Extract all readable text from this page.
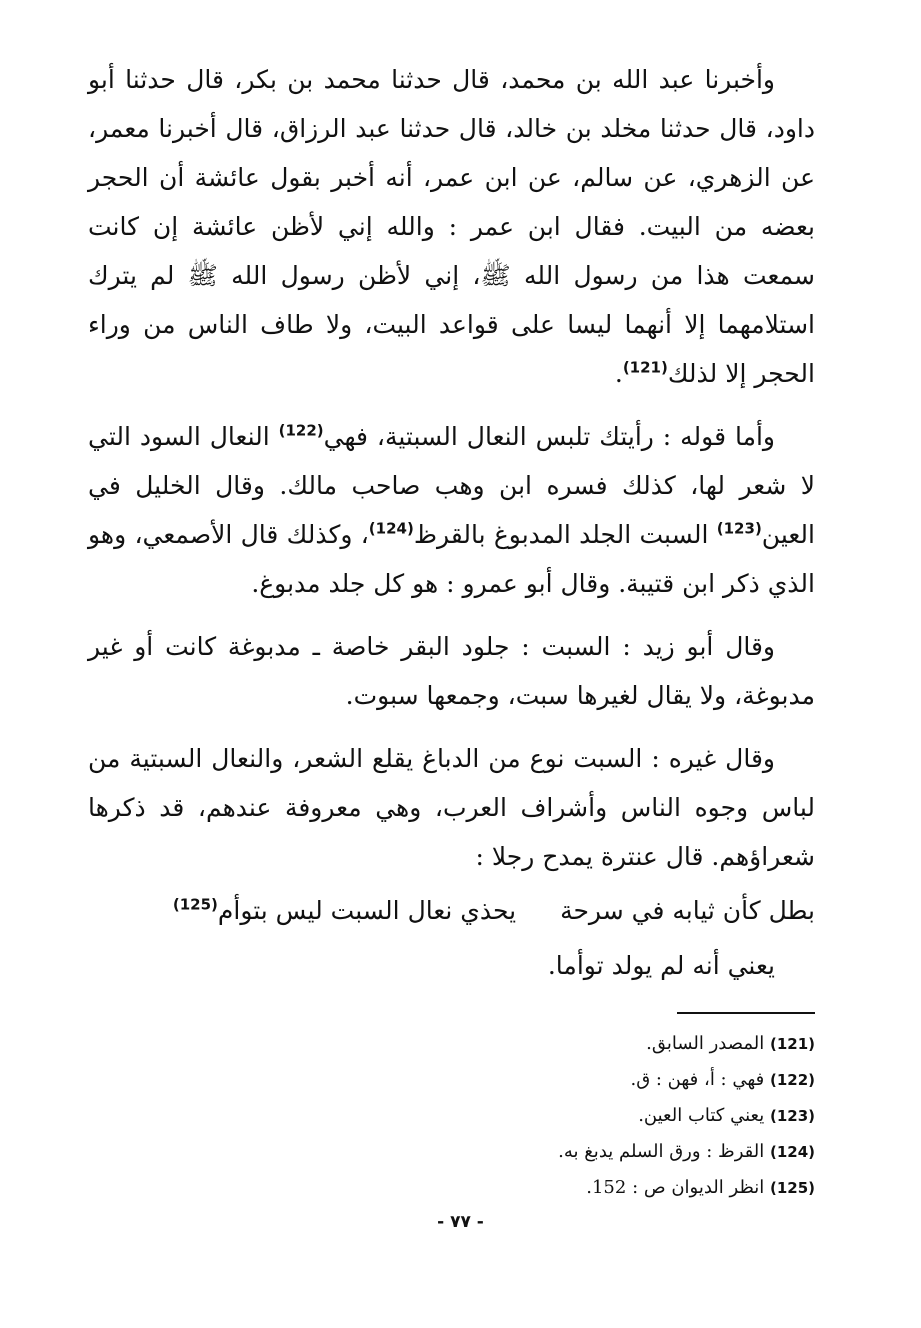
وأخبرنا عبد الله بن محمد، قال حدثنا محمد بن بكر، قال حدثنا أبو داود، قال حدثنا مخلد بن خالد، قال حدثنا عبد الرزاق، قال أخبرنا معمر، عن الزهري، عن سالم، عن ابن عمر، أنه أخبر بقول عائشة أن الحجر بعضه من البيت. فقال ابن عمر : والله إني لأظن عائشة إن كانت سمعت هذا من رسول الله ﷺ، إني لأظن رسول الله ﷺ لم يترك استلامهما إلا أنهما ليسا على قواعد البيت، ولا طاف الناس من وراء الحجر إلا لذلك$^{(121)}$.

وأما قوله : رأيتك تلبس النعال السبتية، فهي$^{(122)}$ النعال السود التي لا شعر لها، كذلك فسره ابن وهب صاحب مالك. وقال الخليل في العين$^{(123)}$ السبت الجلد المدبوغ بالقرظ$^{(124)}$، وكذلك قال الأصمعي، وهو الذي ذكر ابن قتيبة. وقال أبو عمرو : هو كل جلد مدبوغ.

وقال أبو زيد : السبت : جلود البقر خاصة ـ مدبوغة كانت أو غير مدبوغة، ولا يقال لغيرها سبت، وجمعها سبوت.

وقال غيره : السبت نوع من الدباغ يقلع الشعر، والنعال السبتية من لباس وجوه الناس وأشراف العرب، وهي معروفة عندهم، قد ذكرها شعراؤهم. قال عنترة يمدح رجلا :

بطل كأن ثيابه في سرحة يحذي نعال السبت ليس بتوأم$^{(125)}$
يعني أنه لم يولد توأما.
(121) المصدر السابق.
(122) فهي : أ، فهن : ق.
(123) يعني كتاب العين.
(124) القرظ : ورق السلم يدبغ به.
(125) انظر الديوان ص : 152.
- ٧٧ -
